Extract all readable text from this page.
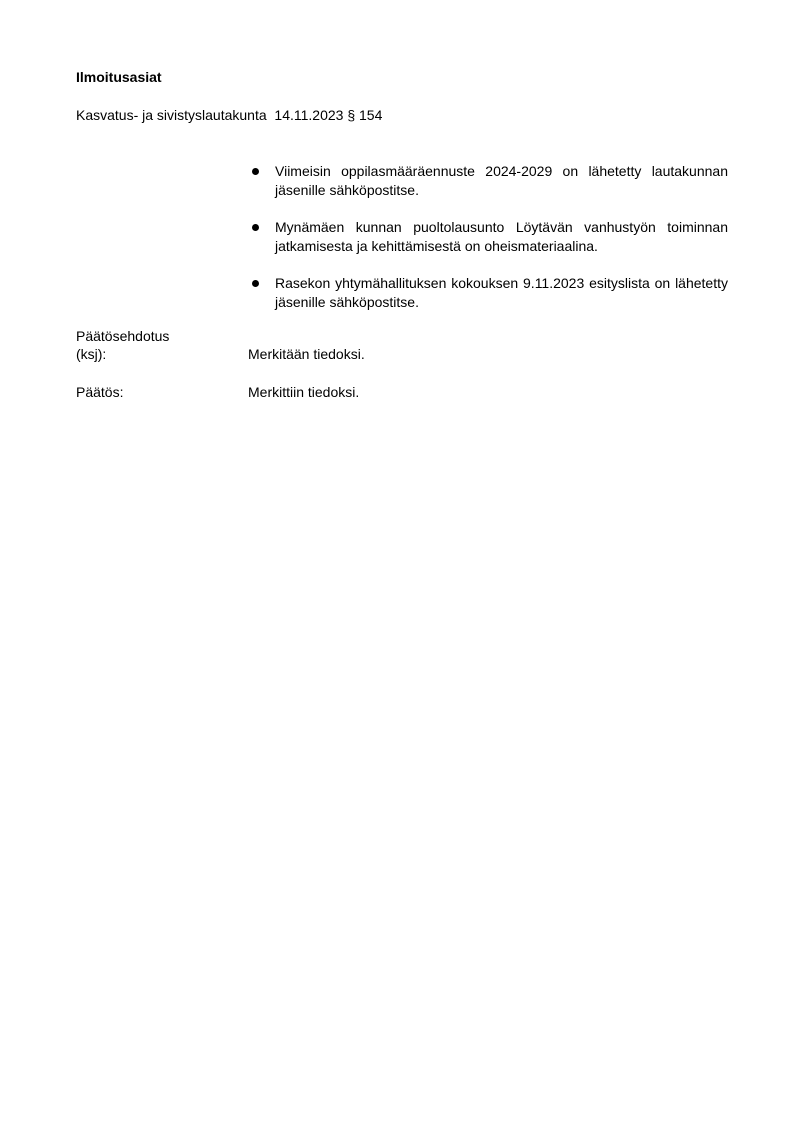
Ilmoitusasiat
Kasvatus- ja sivistyslautakunta  14.11.2023 § 154
Viimeisin oppilasmääräennuste 2024-2029 on lähetetty lautakunnan jäsenille sähköpostitse.
Mynämäen kunnan puoltolausunto Löytävän vanhustyön toiminnan jatkamisesta ja kehittämisestä on oheismateriaalina.
Rasekon yhtymähallituksen kokouksen 9.11.2023 esityslista on lähetetty jäsenille sähköpostitse.
Päätösehdotus
(ksj):	Merkitään tiedoksi.
Päätös:	Merkittiin tiedoksi.
